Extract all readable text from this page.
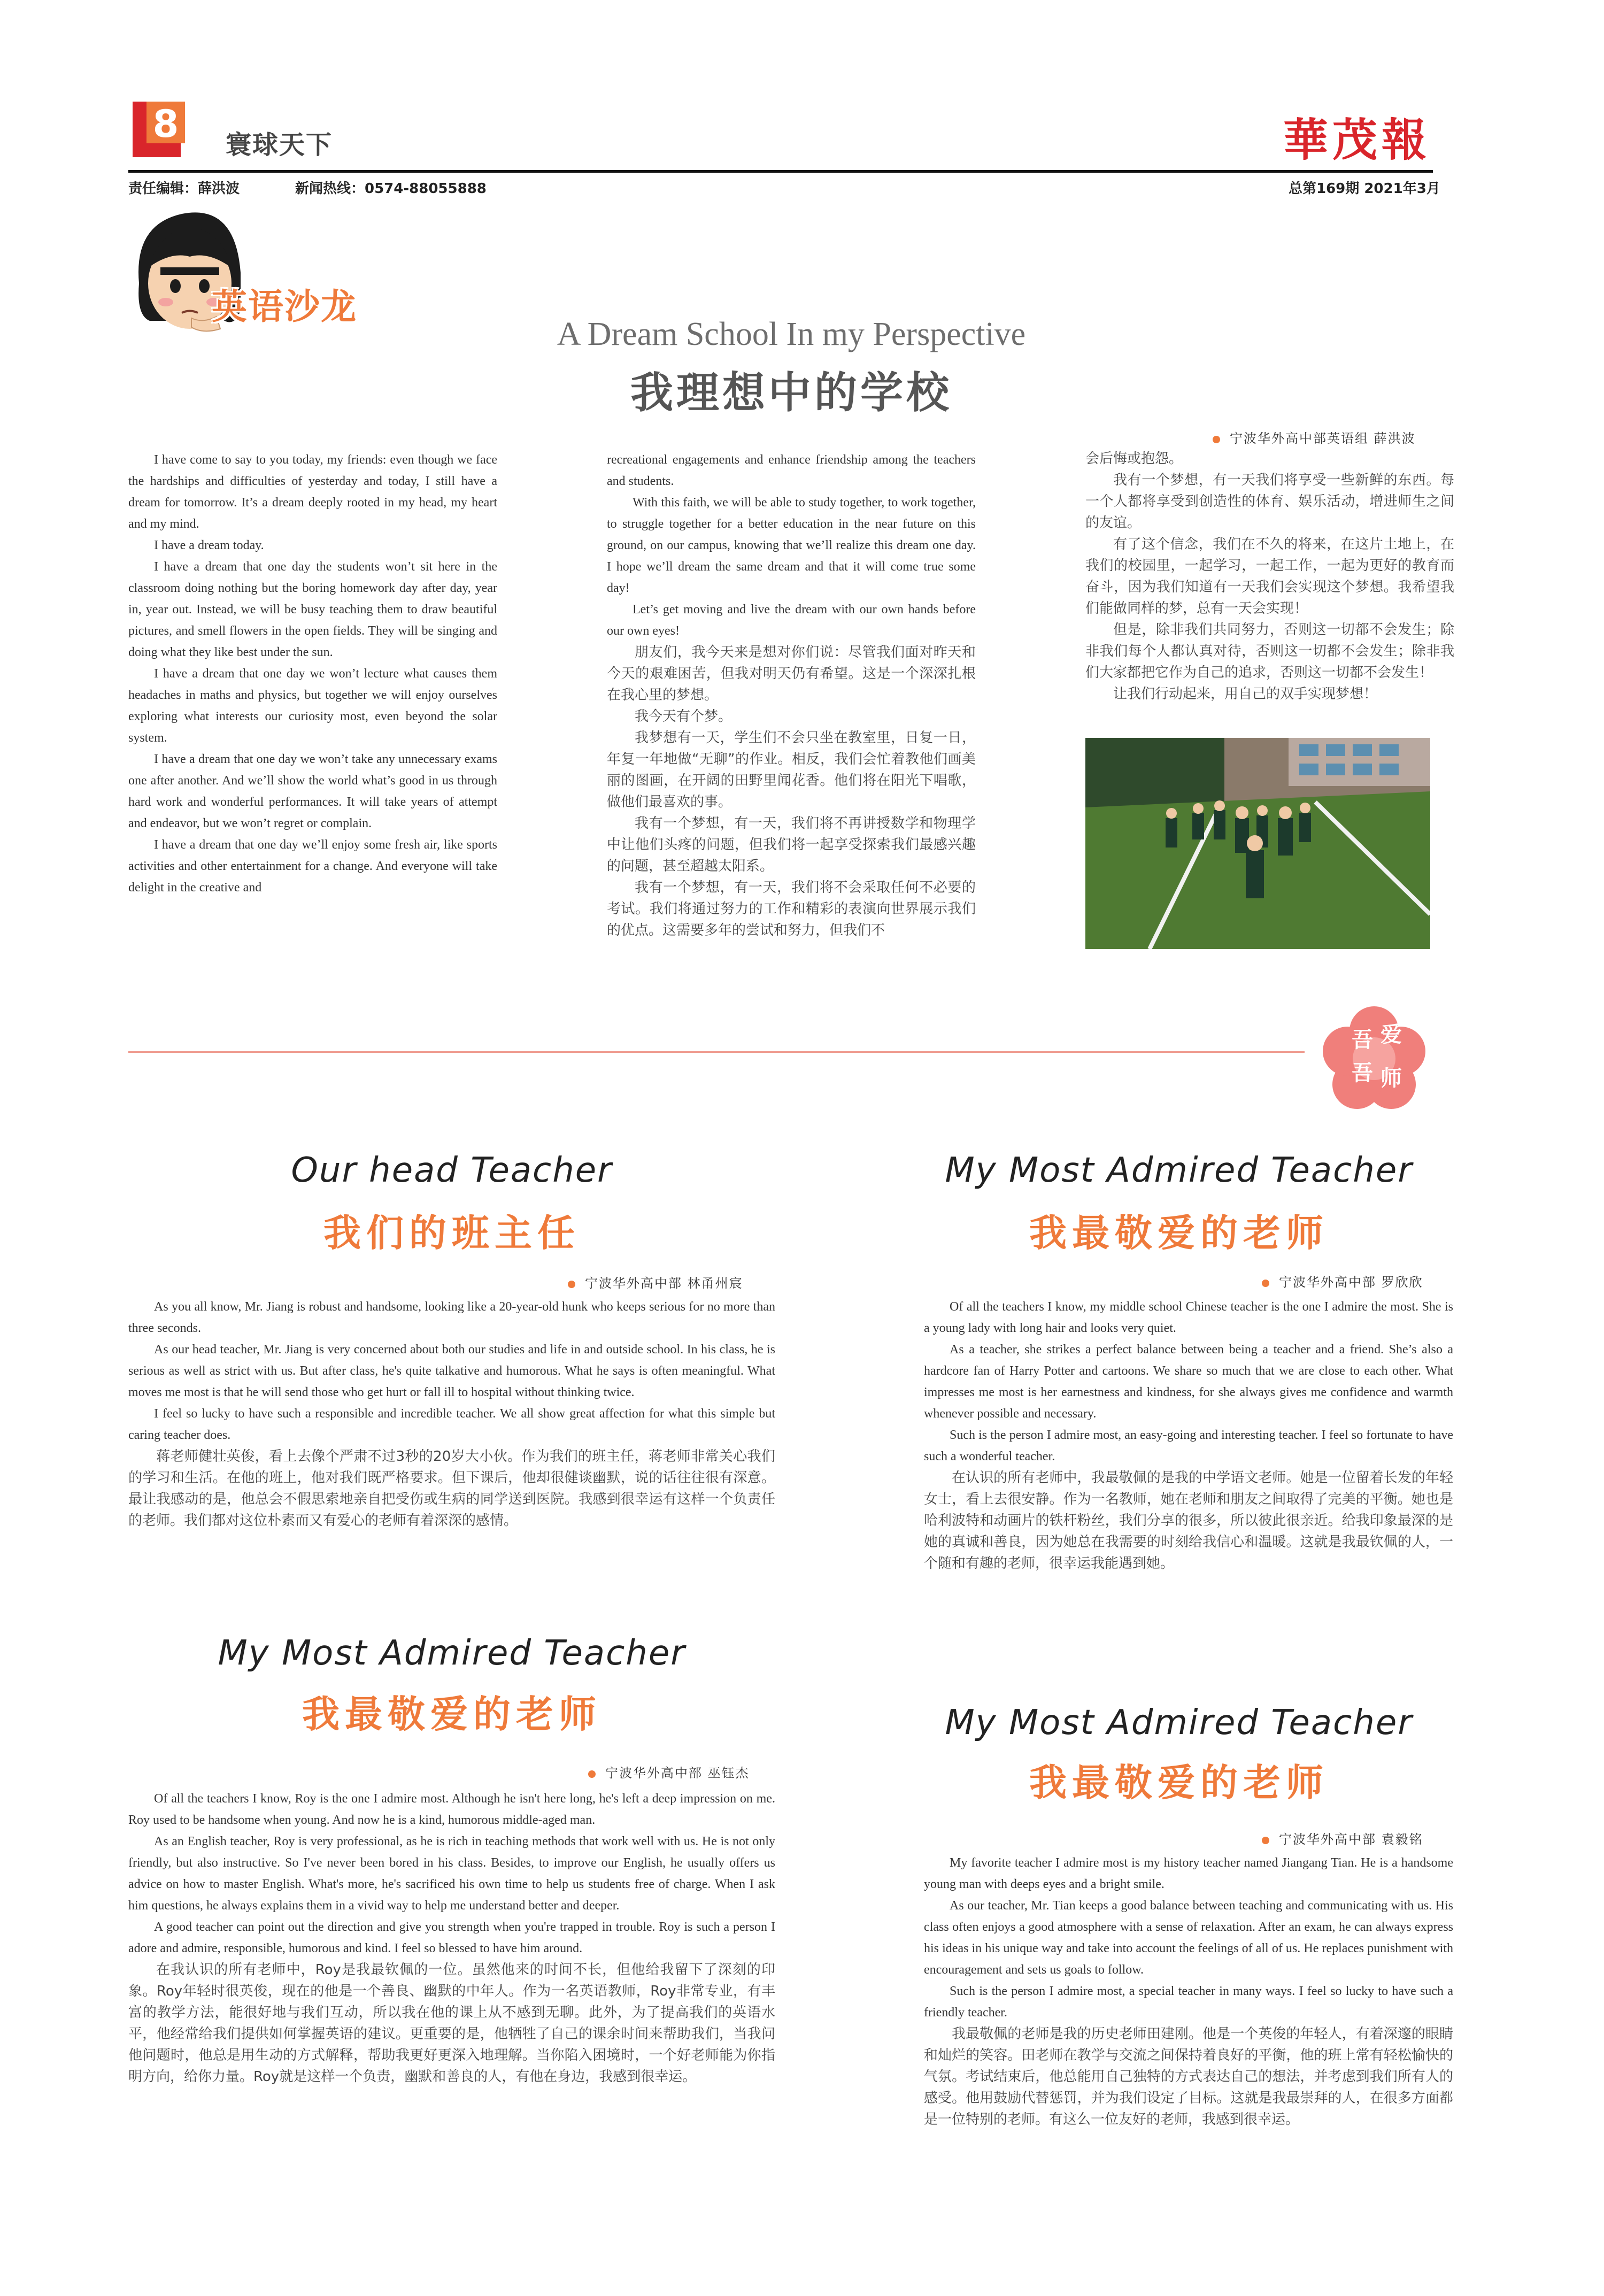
8 寰球天下	華茂報
责任编辑：薛洪波	新闻热线：0574-88055888	总第169期 2021年3月
英语沙龙
A Dream School In my Perspective
我理想中的学校
宁波华外高中部英语组 薛洪波

I have come to say to you today, my friends: even though we face the hardships and difficulties of yesterday and today, I still have a dream for tomorrow. It’s a dream deeply rooted in my head, my heart and my mind.

I have a dream today.

I have a dream that one day the students won’t sit here in the classroom doing nothing but the boring homework day after day, year in, year out. Instead, we will be busy teaching them to draw beautiful pictures, and smell flowers in the open fields. They will be singing and doing what they like best under the sun.

I have a dream that one day we won’t lecture what causes them headaches in maths and physics, but together we will enjoy ourselves exploring what interests our curiosity most, even beyond the solar system.

I have a dream that one day we won’t take any unnecessary exams one after another. And we’ll show the world what’s good in us through hard work and wonderful performances. It will take years of attempt and endeavor, but we won’t regret or complain.

I have a dream that one day we’ll enjoy some fresh air, like sports activities and other entertainment for a change. And everyone will take delight in the creative and

recreational engagements and enhance friendship among the teachers and students.

With this faith, we will be able to study together, to work together, to struggle together for a better education in the near future on this ground, on our campus, knowing that we’ll realize this dream one day. I hope we’ll dream the same dream and that it will come true some day!

Let’s get moving and live the dream with our own hands before our own eyes!

朋友们，我今天来是想对你们说：尽管我们面对昨天和今天的艰难困苦，但我对明天仍有希望。这是一个深深扎根在我心里的梦想。

我今天有个梦。

我梦想有一天，学生们不会只坐在教室里，日复一日，年复一年地做“无聊”的作业。相反，我们会忙着教他们画美丽的图画，在开阔的田野里闻花香。他们将在阳光下唱歌，做他们最喜欢的事。

我有一个梦想，有一天，我们将不再讲授数学和物理学中让他们头疼的问题，但我们将一起享受探索我们最感兴趣的问题，甚至超越太阳系。

我有一个梦想，有一天，我们将不会采取任何不必要的考试。我们将通过努力的工作和精彩的表演向世界展示我们的优点。这需要多年的尝试和努力，但我们不

会后悔或抱怨。

我有一个梦想，有一天我们将享受一些新鲜的东西。每一个人都将享受到创造性的体育、娱乐活动，增进师生之间的友谊。

有了这个信念，我们在不久的将来，在这片土地上，在我们的校园里，一起学习，一起工作，一起为更好的教育而奋斗，因为我们知道有一天我们会实现这个梦想。我希望我们能做同样的梦，总有一天会实现！

但是，除非我们共同努力，否则这一切都不会发生；除非我们每个人都认真对待，否则这一切都不会发生；除非我们大家都把它作为自己的追求，否则这一切都不会发生！

让我们行动起来，用自己的双手实现梦想！

吾 爱
吾 师
Our head Teacher
我们的班主任
宁波华外高中部 林甬州宸

As you all know, Mr. Jiang is robust and handsome, looking like a 20-year-old hunk who keeps serious for no more than three seconds.

As our head teacher, Mr. Jiang is very concerned about both our studies and life in and outside school. In his class, he is serious as well as strict with us. But after class, he's quite talkative and humorous. What he says is often meaningful. What moves me most is that he will send those who get hurt or fall ill to hospital without thinking twice.

I feel so lucky to have such a responsible and incredible teacher. We all show great affection for what this simple but caring teacher does.

蒋老师健壮英俊，看上去像个严肃不过3秒的20岁大小伙。作为我们的班主任，蒋老师非常关心我们的学习和生活。在他的班上，他对我们既严格要求。但下课后，他却很健谈幽默，说的话往往很有深意。最让我感动的是，他总会不假思索地亲自把受伤或生病的同学送到医院。我感到很幸运有这样一个负责任的老师。我们都对这位朴素而又有爱心的老师有着深深的感情。

My Most Admired Teacher
我最敬爱的老师
宁波华外高中部 罗欣欣

Of all the teachers I know, my middle school Chinese teacher is the one I admire the most. She is a young lady with long hair and looks very quiet.

As a teacher, she strikes a perfect balance between being a teacher and a friend. She’s also a hardcore fan of Harry Potter and cartoons. We share so much that we are close to each other. What impresses me most is her earnestness and kindness, for she always gives me confidence and warmth whenever possible and necessary.

Such is the person I admire most, an easy-going and interesting teacher. I feel so fortunate to have such a wonderful teacher.

在认识的所有老师中，我最敬佩的是我的中学语文老师。她是一位留着长发的年轻女士，看上去很安静。作为一名教师，她在老师和朋友之间取得了完美的平衡。她也是哈利波特和动画片的铁杆粉丝，我们分享的很多，所以彼此很亲近。给我印象最深的是她的真诚和善良，因为她总在我需要的时刻给我信心和温暖。这就是我最钦佩的人，一个随和有趣的老师，很幸运我能遇到她。

My Most Admired Teacher
我最敬爱的老师
宁波华外高中部 巫钰杰

Of all the teachers I know, Roy is the one I admire most. Although he isn't here long, he's left a deep impression on me. Roy used to be handsome when young. And now he is a kind, humorous middle-aged man.

As an English teacher, Roy is very professional, as he is rich in teaching methods that work well with us. He is not only friendly, but also instructive. So I've never been bored in his class. Besides, to improve our English, he usually offers us advice on how to master English. What's more, he's sacrificed his own time to help us students free of charge. When I ask him questions, he always explains them in a vivid way to help me understand better and deeper.

A good teacher can point out the direction and give you strength when you're trapped in trouble. Roy is such a person I adore and admire, responsible, humorous and kind. I feel so blessed to have him around.

在我认识的所有老师中，Roy是我最钦佩的一位。虽然他来的时间不长，但他给我留下了深刻的印象。Roy年轻时很英俊，现在的他是一个善良、幽默的中年人。作为一名英语教师，Roy非常专业，有丰富的教学方法，能很好地与我们互动，所以我在他的课上从不感到无聊。此外，为了提高我们的英语水平，他经常给我们提供如何掌握英语的建议。更重要的是，他牺牲了自己的课余时间来帮助我们，当我问他问题时，他总是用生动的方式解释，帮助我更好更深入地理解。当你陷入困境时，一个好老师能为你指明方向，给你力量。Roy就是这样一个负责，幽默和善良的人，有他在身边，我感到很幸运。

My Most Admired Teacher
我最敬爱的老师
宁波华外高中部 袁毅铭

My favorite teacher I admire most is my history teacher named Jiangang Tian. He is a handsome young man with deeps eyes and a bright smile.

As our teacher, Mr. Tian keeps a good balance between teaching and communicating with us. His class often enjoys a good atmosphere with a sense of relaxation. After an exam, he can always express his ideas in his unique way and take into account the feelings of all of us. He replaces punishment with encouragement and sets us goals to follow.

Such is the person I admire most, a special teacher in many ways. I feel so lucky to have such a friendly teacher.

我最敬佩的老师是我的历史老师田建刚。他是一个英俊的年轻人，有着深邃的眼睛和灿烂的笑容。田老师在教学与交流之间保持着良好的平衡，他的班上常有轻松愉快的气氛。考试结束后，他总能用自己独特的方式表达自己的想法，并考虑到我们所有人的感受。他用鼓励代替惩罚，并为我们设定了目标。这就是我最崇拜的人，在很多方面都是一位特别的老师。有这么一位友好的老师，我感到很幸运。
